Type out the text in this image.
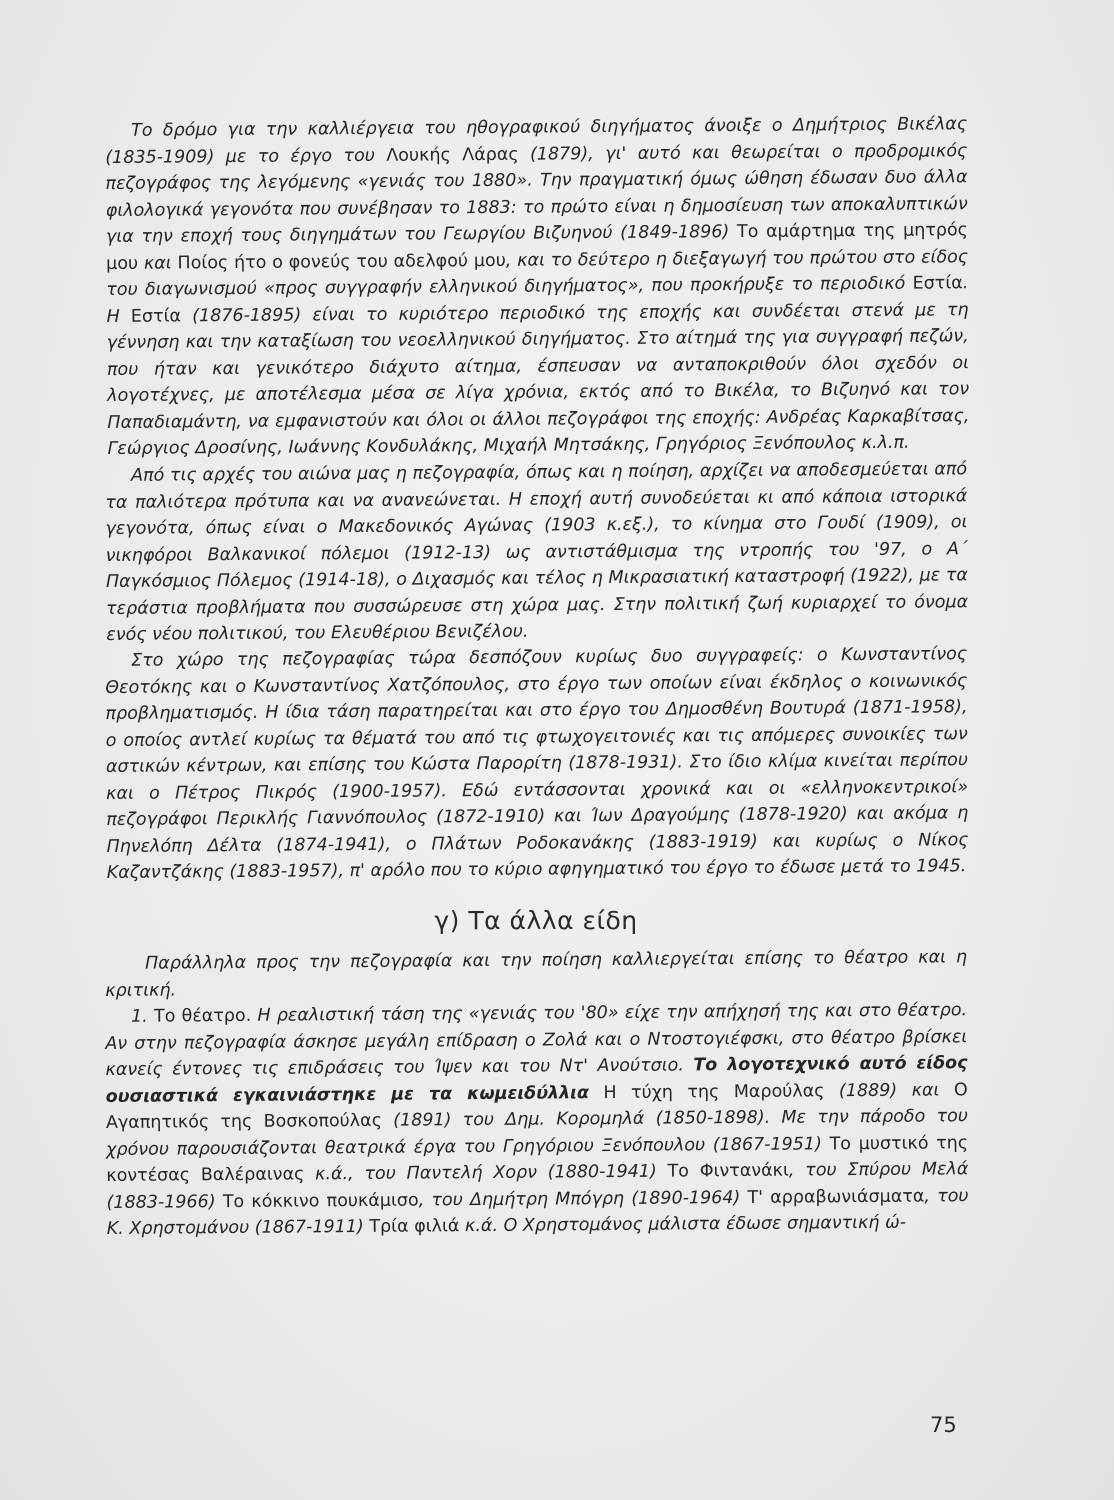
Το δρόμο για την καλλιέργεια του ηθογραφικού διηγήματος άνοιξε ο Δημήτριος Βικέλας (1835-1909) με το έργο του Λουκής Λάρας (1879), γι' αυτό και θεωρείται ο προδρομικός πεζογράφος της λεγόμενης «γενιάς του 1880». Την πραγματική όμως ώθηση έδωσαν δυο άλλα φιλολογικά γεγονότα που συνέβησαν το 1883: το πρώτο είναι η δημοσίευση των αποκαλυπτικών για την εποχή τους διηγημάτων του Γεωργίου Βιζυηνού (1849-1896) Το αμάρτημα της μητρός μου και Ποίος ήτο ο φονεύς του αδελφού μου, και το δεύτερο η διεξαγωγή του πρώτου στο είδος του διαγωνισμού «προς συγγραφήν ελληνικού διηγήματος», που προκήρυξε το περιοδικό Εστία. Η Εστία (1876-1895) είναι το κυριότερο περιοδικό της εποχής και συνδέεται στενά με τη γέννηση και την καταξίωση του νεοελληνικού διηγήματος. Στο αίτημά της για συγγραφή πεζών, που ήταν και γενικότερο διάχυτο αίτημα, έσπευσαν να ανταποκριθούν όλοι σχεδόν οι λογοτέχνες, με αποτέλεσμα μέσα σε λίγα χρόνια, εκτός από το Βικέλα, το Βιζυηνό και τον Παπαδιαμάντη, να εμφανιστούν και όλοι οι άλλοι πεζογράφοι της εποχής: Ανδρέας Καρκαβίτσας, Γεώργιος Δροσίνης, Ιωάννης Κονδυλάκης, Μιχαήλ Μητσάκης, Γρηγόριος Ξενόπουλος κ.λ.π.

Από τις αρχές του αιώνα μας η πεζογραφία, όπως και η ποίηση, αρχίζει να αποδεσμεύεται από τα παλιότερα πρότυπα και να ανανεώνεται. Η εποχή αυτή συνοδεύεται κι από κάποια ιστορικά γεγονότα, όπως είναι ο Μακεδονικός Αγώνας (1903 κ.εξ.), το κίνημα στο Γουδί (1909), οι νικηφόροι Βαλκανικοί πόλεμοι (1912-13) ως αντιστάθμισμα της ντροπής του '97, ο Α΄ Παγκόσμιος Πόλεμος (1914-18), ο Διχασμός και τέλος η Μικρασιατική καταστροφή (1922), με τα τεράστια προβλήματα που συσσώρευσε στη χώρα μας. Στην πολιτική ζωή κυριαρχεί το όνομα ενός νέου πολιτικού, του Ελευθέριου Βενιζέλου.

Στο χώρο της πεζογραφίας τώρα δεσπόζουν κυρίως δυο συγγραφείς: ο Κωνσταντίνος Θεοτόκης και ο Κωνσταντίνος Χατζόπουλος, στο έργο των οποίων είναι έκδηλος ο κοινωνικός προβληματισμός. Η ίδια τάση παρατηρείται και στο έργο του Δημοσθένη Βουτυρά (1871-1958), ο οποίος αντλεί κυρίως τα θέματά του από τις φτωχογειτονιές και τις απόμερες συνοικίες των αστικών κέντρων, και επίσης του Κώστα Παρορίτη (1878-1931). Στο ίδιο κλίμα κινείται περίπου και ο Πέτρος Πικρός (1900-1957). Εδώ εντάσσονται χρονικά και οι «ελληνοκεντρικοί» πεζογράφοι Περικλής Γιαννόπουλος (1872-1910) και Ίων Δραγούμης (1878-1920) και ακόμα η Πηνελόπη Δέλτα (1874-1941), ο Πλάτων Ροδοκανάκης (1883-1919) και κυρίως ο Νίκος Καζαντζάκης (1883-1957), π' αρόλο που το κύριο αφηγηματικό του έργο το έδωσε μετά το 1945.

γ) Τα άλλα είδη

Παράλληλα προς την πεζογραφία και την ποίηση καλλιεργείται επίσης το θέατρο και η κριτική.

1. Το θέατρο. Η ρεαλιστική τάση της «γενιάς του '80» είχε την απήχησή της και στο θέατρο. Αν στην πεζογραφία άσκησε μεγάλη επίδραση ο Ζολά και ο Ντοστογιέφσκι, στο θέατρο βρίσκει κανείς έντονες τις επιδράσεις του Ίψεν και του Ντ' Ανούτσιο. Το λογοτεχνικό αυτό είδος ουσιαστικά εγκαινιάστηκε με τα κωμειδύλλια Η τύχη της Μαρούλας (1889) και Ο Αγαπητικός της Βοσκοπούλας (1891) του Δημ. Κορομηλά (1850-1898). Με την πάροδο του χρόνου παρουσιάζονται θεατρικά έργα του Γρηγόριου Ξενόπουλου (1867-1951) Το μυστικό της κοντέσας Βαλέραινας κ.ά., του Παντελή Χορν (1880-1941) Το Φιντανάκι, του Σπύρου Μελά (1883-1966) Το κόκκινο πουκάμισο, του Δημήτρη Μπόγρη (1890-1964) Τ' αρραβωνιάσματα, του Κ. Χρηστομάνου (1867-1911) Τρία φιλιά κ.ά. Ο Χρηστομάνος μάλιστα έδωσε σημαντική ώ-

75
